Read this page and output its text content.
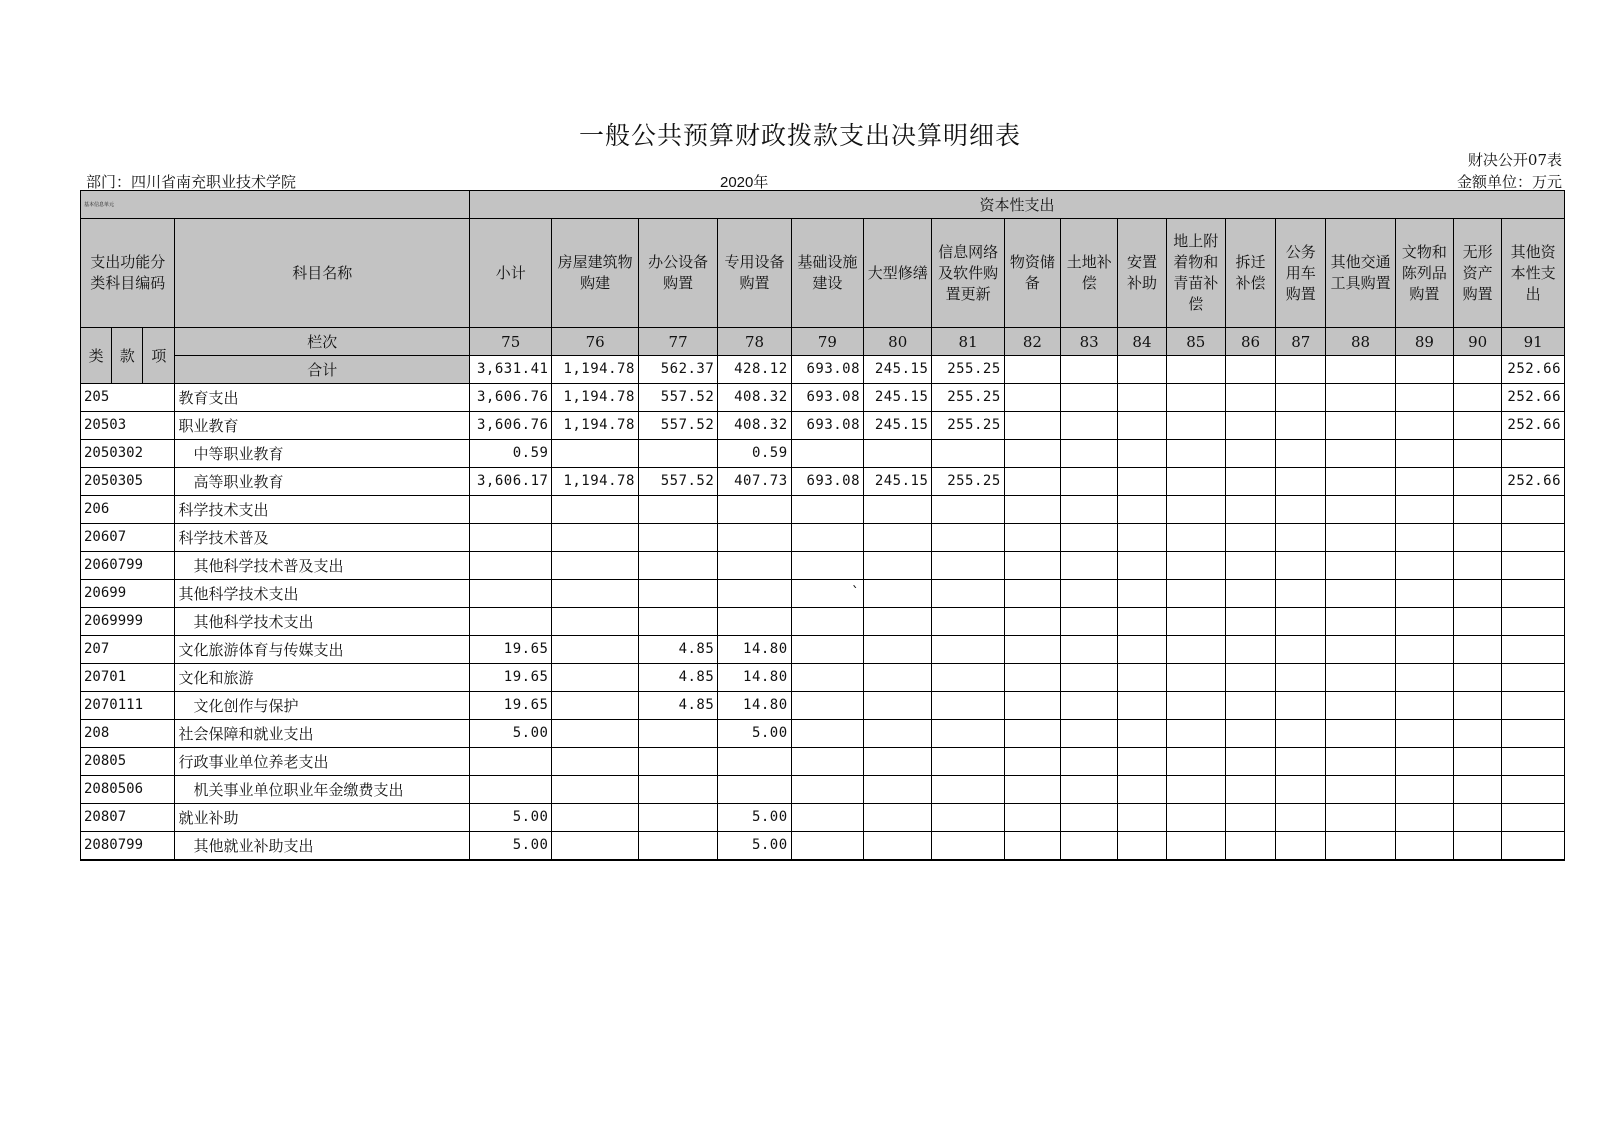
一般公共预算财政拨款支出决算明细表
财决公开07表
部门：四川省南充职业技术学院	2020年	金额单位：万元
基本信息单元				资本性支出																
支出功能分类科目编码			科目名称	小计	房屋建筑物购建	办公设备购置	专用设备购置	基础设施建设	大型修缮	信息网络及软件购置更新	物资储备	土地补偿	安置补助	地上附着物和青苗补偿	拆迁补偿	公务用车购置	其他交通工具购置	文物和陈列品购置	无形资产购置	其他资本性支出
类	款	项	栏次	75	76	77	78	79	80	81	82	83	84	85	86	87	88	89	90	91
			合计	3,631.41	1,194.78	562.37	428.12	693.08	245.15	255.25										252.66
205			教育支出	3,606.76	1,194.78	557.52	408.32	693.08	245.15	255.25										252.66
20503			职业教育	3,606.76	1,194.78	557.52	408.32	693.08	245.15	255.25										252.66
2050302			中等职业教育	0.59			0.59													
2050305			高等职业教育	3,606.17	1,194.78	557.52	407.73	693.08	245.15	255.25										252.66
206			科学技术支出																	
20607			科学技术普及																	
2060799			其他科学技术普及支出																	
20699			其他科学技术支出					`												
2069999			其他科学技术支出																	
207			文化旅游体育与传媒支出	19.65		4.85	14.80													
20701			文化和旅游	19.65		4.85	14.80													
2070111			文化创作与保护	19.65		4.85	14.80													
208			社会保障和就业支出	5.00			5.00													
20805			行政事业单位养老支出																	
2080506			机关事业单位职业年金缴费支出																	
20807			就业补助	5.00			5.00													
2080799			其他就业补助支出	5.00			5.00													
